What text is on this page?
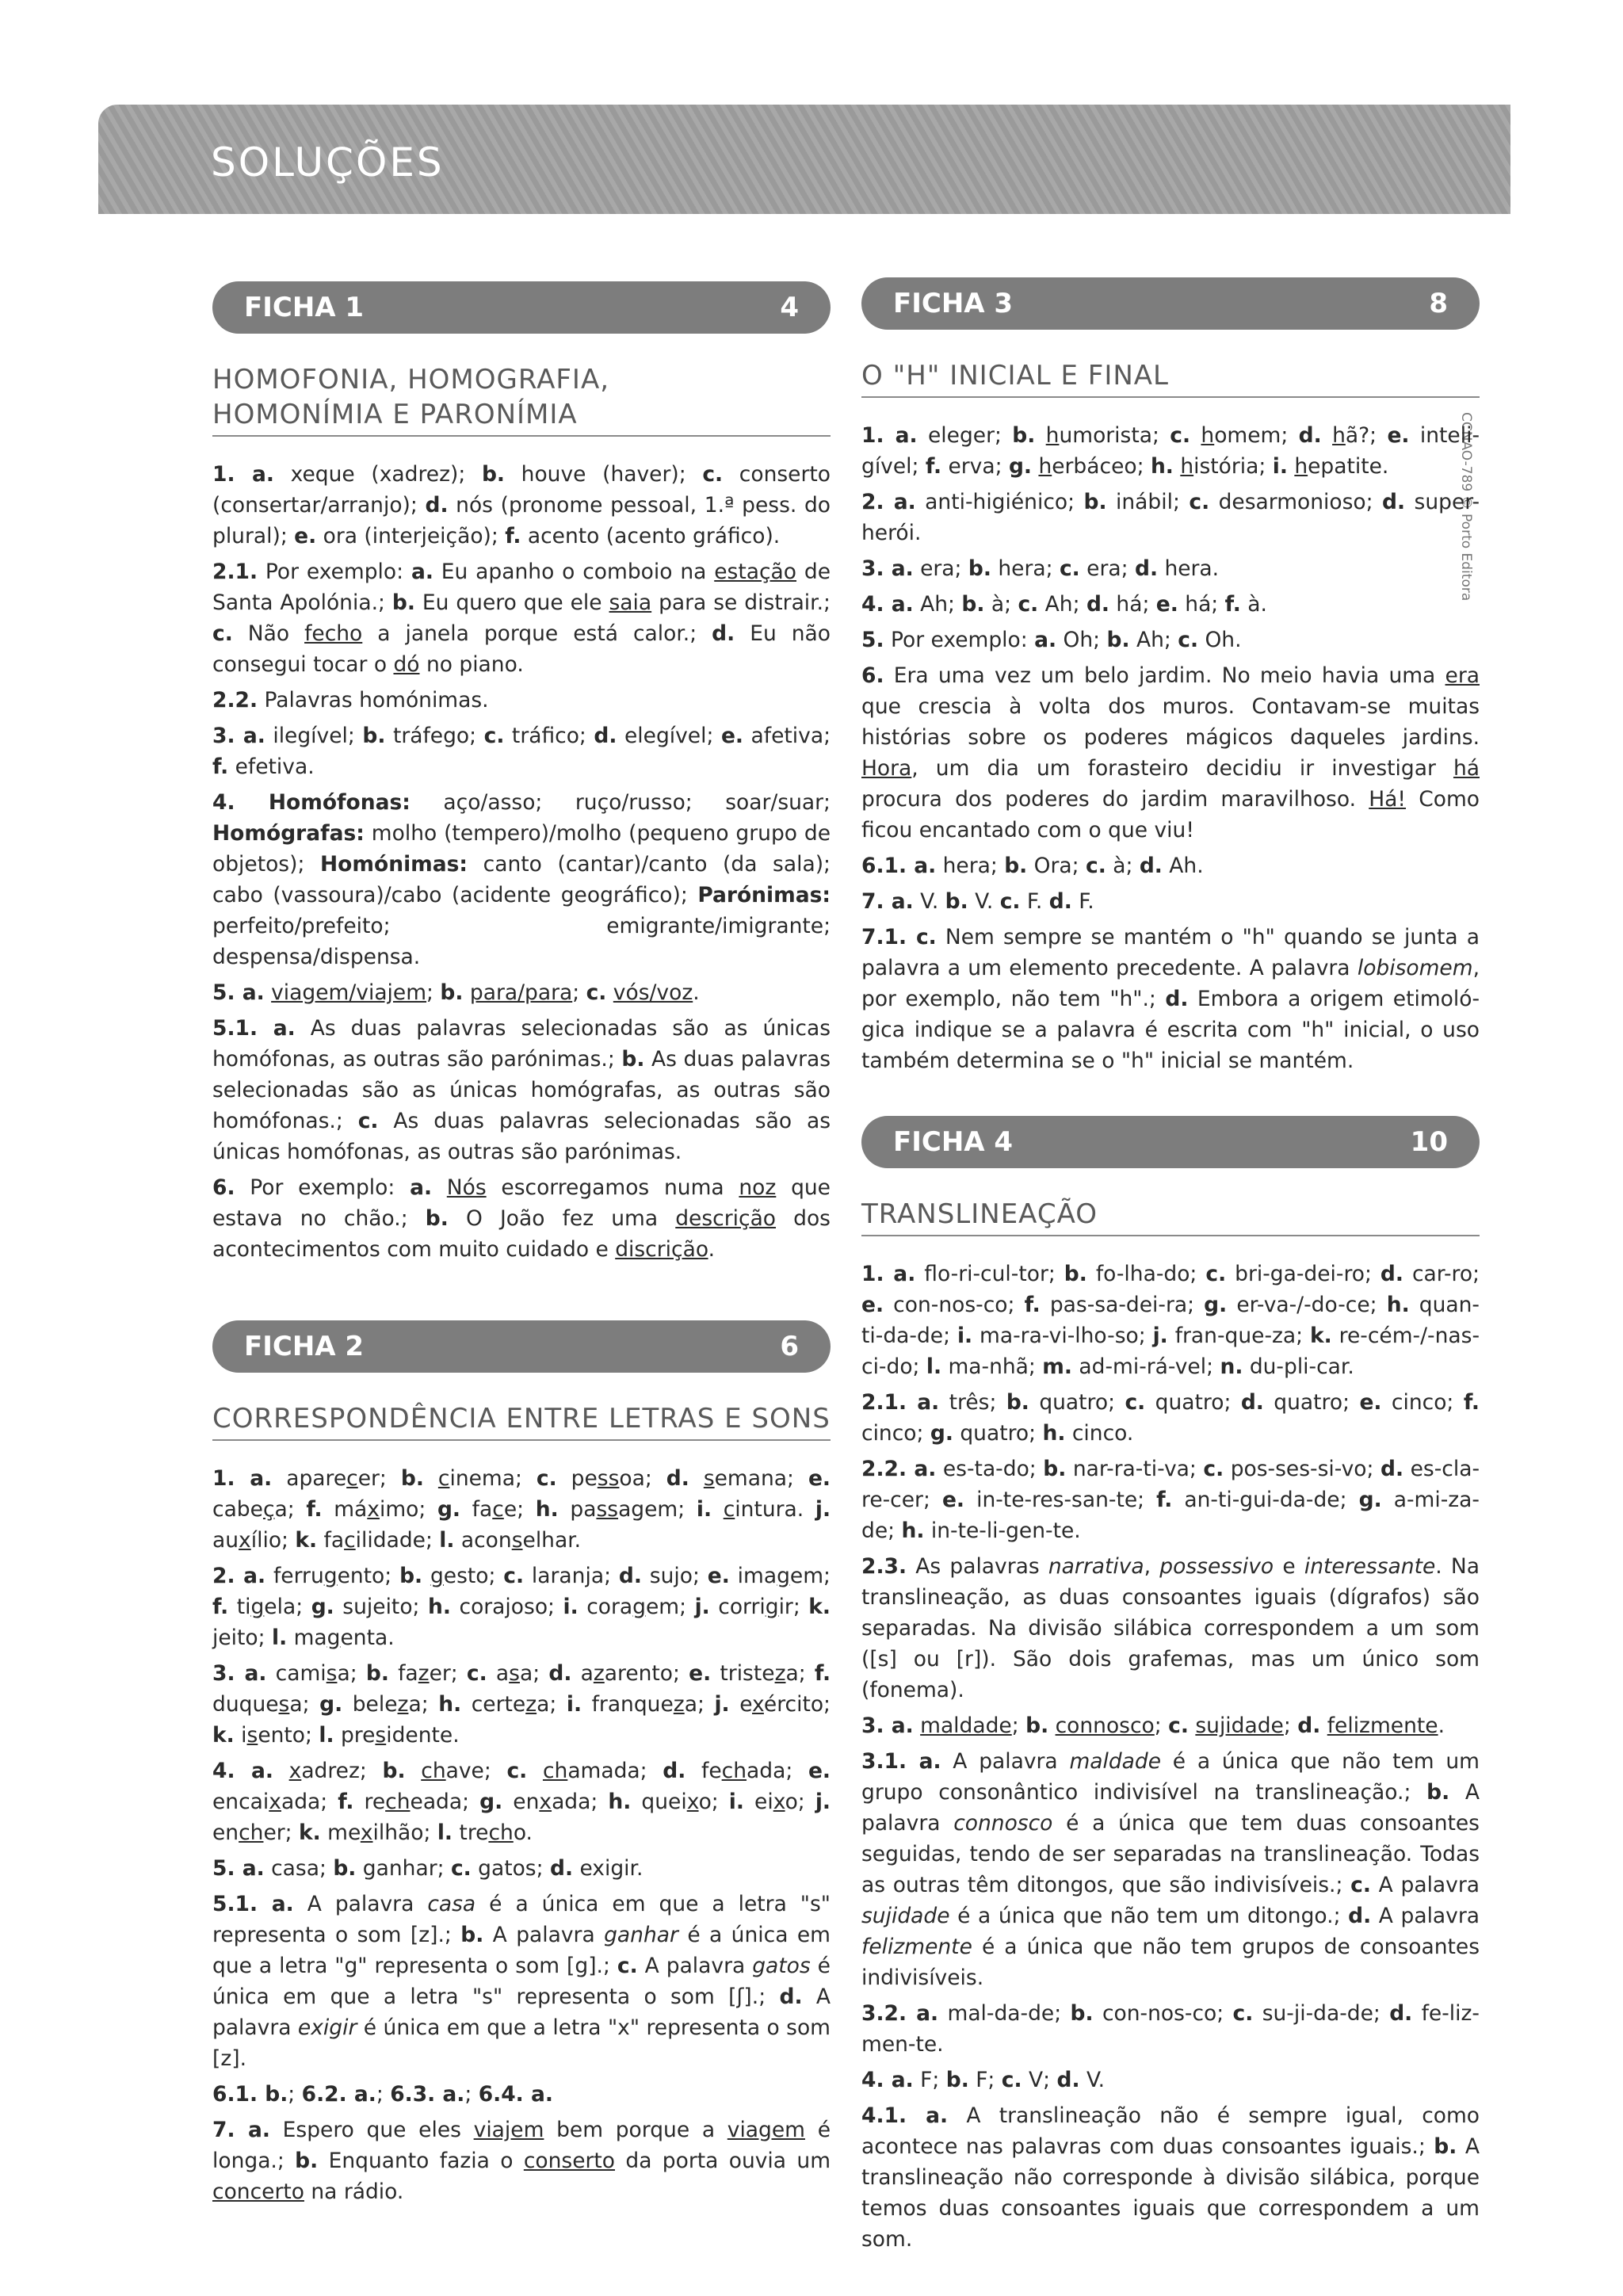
SOLUÇÕES
CCNAO-789 © Porto Editora
FICHA 1	4
HOMOFONIA, HOMOGRAFIA,
HOMONÍMIA E PARONÍMIA

1. a. xeque (xadrez); b. houve (haver); c. conserto (consertar/arranjo); d. nós (pronome pessoal, 1.ª pess. do plural); e. ora (interjeição); f. acento (acento gráfico).

2.1. Por exemplo: a. Eu apanho o comboio na estação de Santa Apolónia.; b. Eu quero que ele saia para se distrair.; c. Não fecho a janela porque está calor.; d. Eu não consegui tocar o dó no piano.

2.2. Palavras homónimas.

3. a. ilegível; b. tráfego; c. tráfico; d. elegível; e. afetiva; f. efetiva.

4. Homófonas: aço/asso; ruço/russo; soar/suar; Homógrafas: molho (tempero)/molho (pequeno grupo de objetos); Homónimas: canto (cantar)/canto (da sala); cabo (vassoura)/cabo (acidente geográfico); Parónimas: perfeito/prefeito; emigrante/imigrante; despensa/dispensa.

5. a. viagem/viajem; b. para/para; c. vós/voz.

5.1. a. As duas palavras selecionadas são as únicas homófonas, as outras são parónimas.; b. As duas palavras selecionadas são as únicas homógrafas, as outras são homófonas.; c. As duas palavras selecionadas são as únicas homófonas, as outras são parónimas.

6. Por exemplo: a. Nós escorregamos numa noz que estava no chão.; b. O João fez uma descrição dos acontecimentos com muito cuidado e discrição.

FICHA 2	6
CORRESPONDÊNCIA ENTRE LETRAS E SONS

1. a. aparecer; b. cinema; c. pessoa; d. semana; e. cabeça; f. máximo; g. face; h. passagem; i. cintura. j. auxílio; k. facilidade; l. aconselhar.

2. a. ferrugento; b. gesto; c. laranja; d. sujo; e. imagem; f. tigela; g. sujeito; h. corajoso; i. coragem; j. corrigir; k. jeito; l. magenta.

3. a. camisa; b. fazer; c. asa; d. azarento; e. tristeza; f. duquesa; g. beleza; h. certeza; i. franqueza; j. exército; k. isento; l. presidente.

4. a. xadrez; b. chave; c. chamada; d. fechada; e. encaixada; f. recheada; g. enxada; h. queixo; i. eixo; j. encher; k. mexilhão; l. trecho.

5. a. casa; b. ganhar; c. gatos; d. exigir.

5.1. a. A palavra casa é a única em que a letra "s" representa o som [z].; b. A palavra ganhar é a única em que a letra "g" representa o som [g].; c. A palavra gatos é única em que a letra "s" representa o som [ʃ].; d. A palavra exigir é única em que a letra "x" representa o som [z].

6.1. b.; 6.2. a.; 6.3. a.; 6.4. a.

7. a. Espero que eles viajem bem porque a viagem é longa.; b. Enquanto fazia o conserto da porta ouvia um concerto na rádio.

FICHA 3	8
O "H" INICIAL E FINAL

1. a. eleger; b. humorista; c. homem; d. hã?; e. inteligível; f. erva; g. herbáceo; h. história; i. hepatite.

2. a. anti-higiénico; b. inábil; c. desarmonioso; d. super-herói.

3. a. era; b. hera; c. era; d. hera.

4. a. Ah; b. à; c. Ah; d. há; e. há; f. à.

5. Por exemplo: a. Oh; b. Ah; c. Oh.

6. Era uma vez um belo jardim. No meio havia uma era que crescia à volta dos muros. Contavam-se muitas histórias sobre os poderes mágicos daqueles jardins. Hora, um dia um forasteiro decidiu ir investigar há procura dos poderes do jardim maravilhoso. Há! Como ficou encantado com o que viu!

6.1. a. hera; b. Ora; c. à; d. Ah.

7. a. V. b. V. c. F. d. F.

7.1. c. Nem sempre se mantém o "h" quando se junta a palavra a um elemento precedente. A palavra lobisomem, por exemplo, não tem "h".; d. Embora a origem etimológica indique se a palavra é escrita com "h" inicial, o uso também determina se o "h" inicial se mantém.

FICHA 4	10
TRANSLINEAÇÃO

1. a. flo-ri-cul-tor; b. fo-lha-do; c. bri-ga-dei-ro; d. car-ro; e. con-nos-co; f. pas-sa-dei-ra; g. er-va-/-do-ce; h. quan-ti-da-de; i. ma-ra-vi-lho-so; j. fran-que-za; k. re-cém-/-nas-ci-do; l. ma-nhã; m. ad-mi-rá-vel; n. du-pli-car.

2.1. a. três; b. quatro; c. quatro; d. quatro; e. cinco; f. cinco; g. quatro; h. cinco.

2.2. a. es-ta-do; b. nar-ra-ti-va; c. pos-ses-si-vo; d. es-cla-re-cer; e. in-te-res-san-te; f. an-ti-gui-da-de; g. a-mi-za-de; h. in-te-li-gen-te.

2.3. As palavras narrativa, possessivo e interessante. Na translineação, as duas consoantes iguais (dígrafos) são separadas. Na divisão silábica correspondem a um som ([s] ou [r]). São dois grafemas, mas um único som (fonema).

3. a. maldade; b. connosco; c. sujidade; d. felizmente.

3.1. a. A palavra maldade é a única que não tem um grupo consonântico indivisível na translineação.; b. A palavra connosco é a única que tem duas consoantes seguidas, tendo de ser separadas na translineação. Todas as outras têm ditongos, que são indivisíveis.; c. A palavra sujidade é a única que não tem um ditongo.; d. A palavra felizmente é a única que não tem grupos de consoantes indivisíveis.

3.2. a. mal-da-de; b. con-nos-co; c. su-ji-da-de; d. fe-liz-men-te.

4. a. F; b. F; c. V; d. V.

4.1. a. A translineação não é sempre igual, como acontece nas palavras com duas consoantes iguais.; b. A translineação não corresponde à divisão silábica, porque temos duas consoantes iguais que correspondem a um som.
